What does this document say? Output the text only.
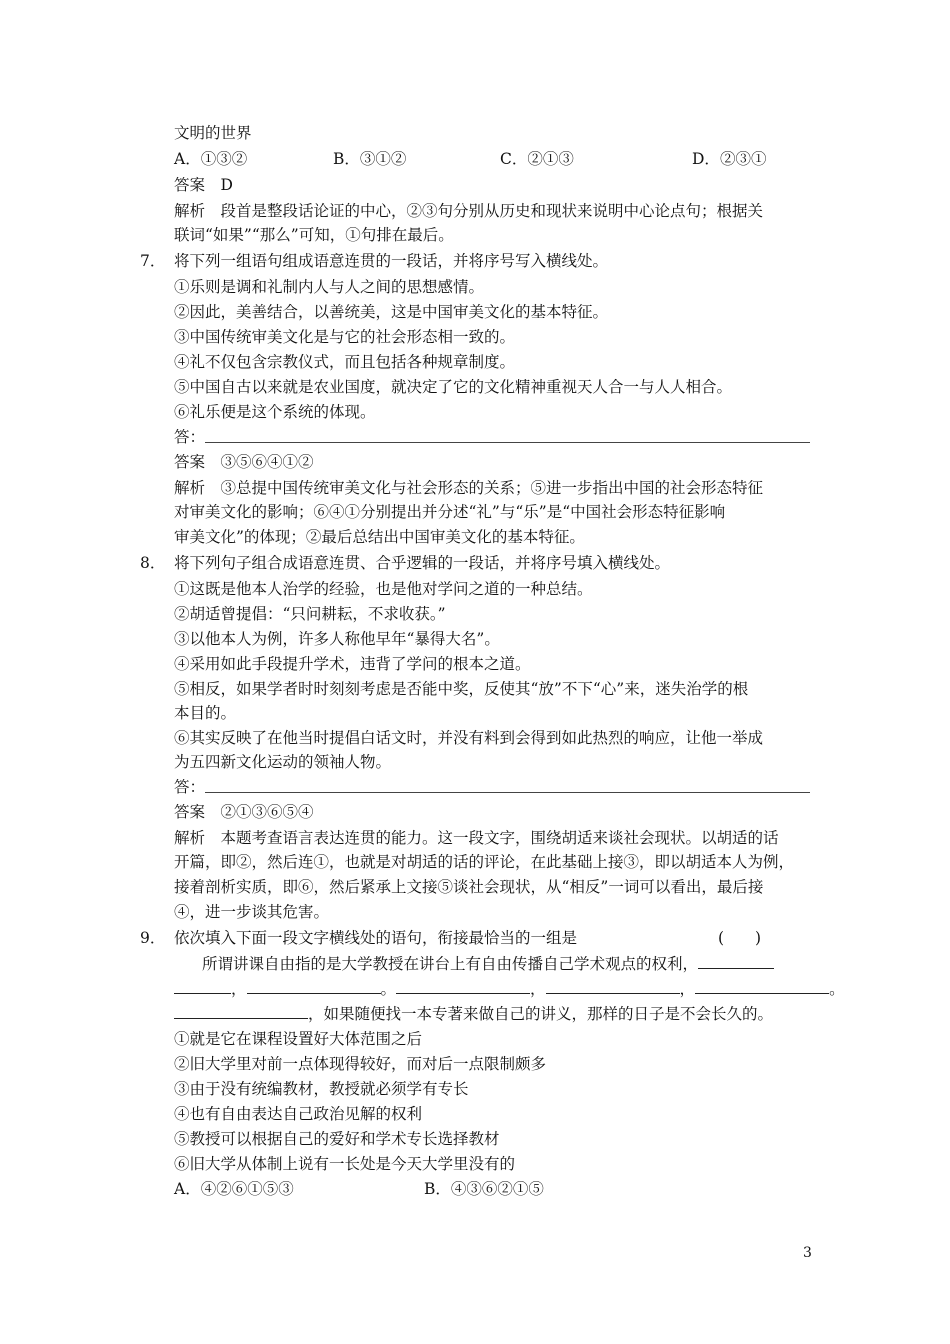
文明的世界
A．①③②	B．③①②	C．②①③	D．②③①
答案  D
解析  段首是整段话论证的中心，②③句分别从历史和现状来说明中心论点句；根据关
联词“如果”“那么”可知，①句排在最后。
7． 将下列一组语句组成语意连贯的一段话，并将序号写入横线处。
①乐则是调和礼制内人与人之间的思想感情。
②因此，美善结合，以善统美，这是中国审美文化的基本特征。
③中国传统审美文化是与它的社会形态相一致的。
④礼不仅包含宗教仪式，而且包括各种规章制度。
⑤中国自古以来就是农业国度，就决定了它的文化精神重视天人合一与人人相合。
⑥礼乐便是这个系统的体现。
答：
答案  ③⑤⑥④①②
解析  ③总提中国传统审美文化与社会形态的关系；⑤进一步指出中国的社会形态特征
对审美文化的影响；⑥④①分别提出并分述“礼”与“乐”是“中国社会形态特征影响
审美文化”的体现；②最后总结出中国审美文化的基本特征。
8． 将下列句子组合成语意连贯、合乎逻辑的一段话，并将序号填入横线处。
①这既是他本人治学的经验，也是他对学问之道的一种总结。
②胡适曾提倡：“只问耕耘，不求收获。”
③以他本人为例，许多人称他早年“暴得大名”。
④采用如此手段提升学术，违背了学问的根本之道。
⑤相反，如果学者时时刻刻考虑是否能中奖，反使其“放”不下“心”来，迷失治学的根
本目的。
⑥其实反映了在他当时提倡白话文时，并没有料到会得到如此热烈的响应，让他一举成
为五四新文化运动的领袖人物。
答：
答案  ②①③⑥⑤④
解析  本题考查语言表达连贯的能力。这一段文字，围绕胡适来谈社会现状。以胡适的话
开篇，即②，然后连①，也就是对胡适的话的评论，在此基础上接③，即以胡适本人为例，
接着剖析实质，即⑥，然后紧承上文接⑤谈社会现状，从“相反”一词可以看出，最后接
④，进一步谈其危害。
9． 依次填入下面一段文字横线处的语句，衔接最恰当的一组是	(　　)
所谓讲课自由指的是大学教授在讲台上有自由传播自己学术观点的权利，
，	。	，	，	。
，如果随便找一本专著来做自己的讲义，那样的日子是不会长久的。
①就是它在课程设置好大体范围之后
②旧大学里对前一点体现得较好，而对后一点限制颇多
③由于没有统编教材，教授就必须学有专长
④也有自由表达自己政治见解的权利
⑤教授可以根据自己的爱好和学术专长选择教材
⑥旧大学从体制上说有一长处是今天大学里没有的
A．④②⑥①⑤③	B．④③⑥②①⑤
3
